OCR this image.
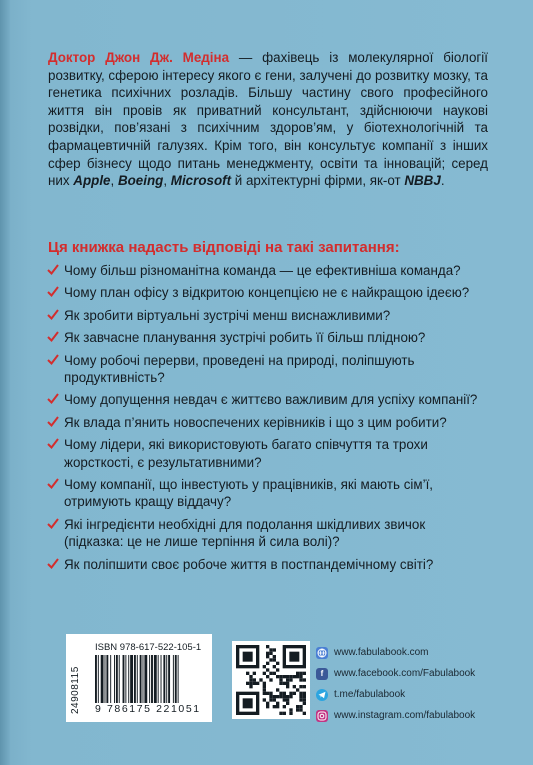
Доктор Джон Дж. Медіна — фахівець із молекулярної біології розвитку, сферою інтересу якого є гени, залучені до розвитку мозку, та генетика психічних розладів. Більшу частину свого професійного життя він провів як приватний консультант, здійснюючи наукові розвідки, пов’язані з психічним здоров’ям, у біотехнологічній та фармацевтичній галузях. Крім того, він консультує компанії з інших сфер бізнесу щодо питань менеджменту, освіти та інновацій; серед них Apple, Boeing, Microsoft й архітектурні фірми, як-от NBBJ.
Ця книжка надасть відповіді на такі запитання:
Чому більш різноманітна команда — це ефективніша команда?
Чому план офісу з відкритою концепцією не є найкращою ідеєю?
Як зробити віртуальні зустрічі менш виснажливими?
Як завчасне планування зустрічі робить її більш плідною?
Чому робочі перерви, проведені на природі, поліпшують продуктивність?
Чому допущення невдач є життєво важливим для успіху компанії?
Як влада п’янить новоспечених керівників і що з цим робити?
Чому лідери, які використовують багато співчуття та трохи жорсткості, є результативними?
Чому компанії, що інвестують у працівників, які мають сім’ї, отримують кращу віддачу?
Які інгредієнти необхідні для подолання шкідливих звичок (підказка: це не лише терпіння й сила волі)?
Як поліпшити своє робоче життя в постпандемічному світі?
ISBN 978-617-522-105-1
24908115 9 786175 221051
www.fabulabook.com
f	www.facebook.com/Fabulabook
t.me/fabulabook
www.instagram.com/fabulabook
